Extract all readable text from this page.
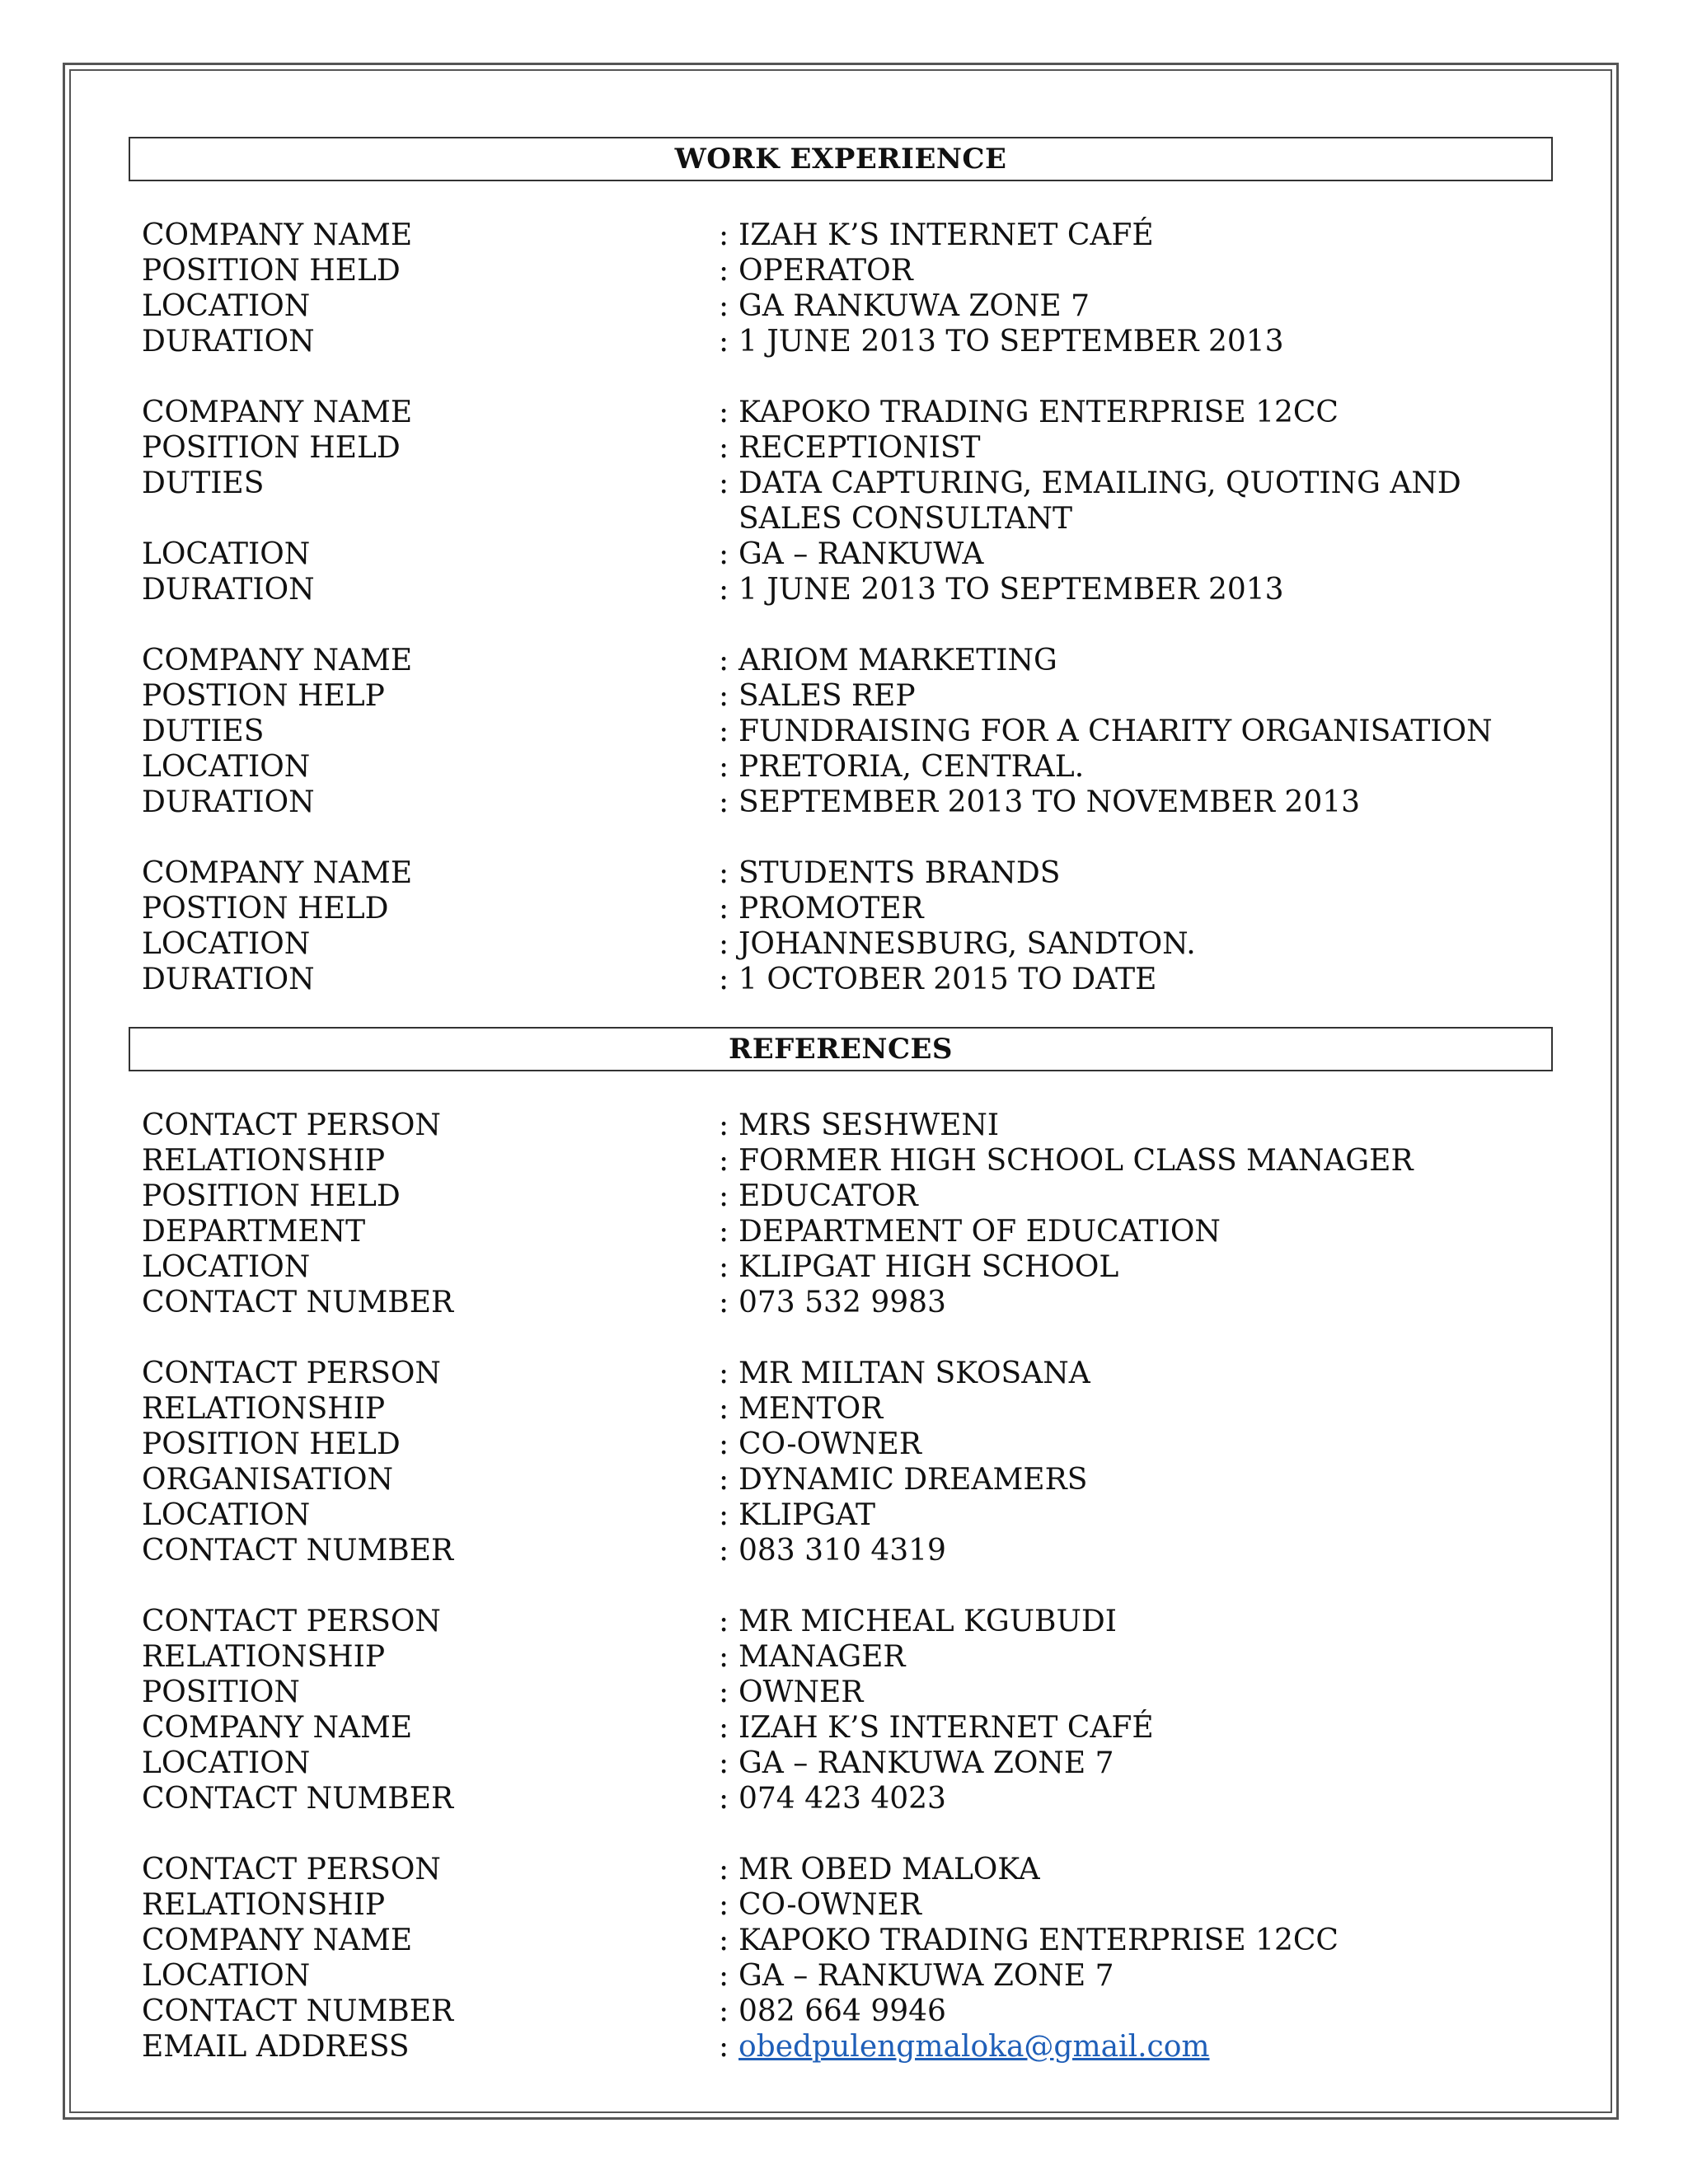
WORK EXPERIENCE
COMPANY NAME	: IZAH K’S INTERNET CAFÉ
POSITION HELD	: OPERATOR
LOCATION	: GA RANKUWA ZONE 7
DURATION	: 1 JUNE 2013 TO SEPTEMBER 2013
COMPANY NAME	: KAPOKO TRADING ENTERPRISE 12CC
POSITION HELD	: RECEPTIONIST
DUTIES	: DATA CAPTURING, EMAILING, QUOTING AND SALES CONSULTANT
LOCATION	: GA – RANKUWA
DURATION	: 1 JUNE 2013 TO SEPTEMBER 2013
COMPANY NAME	: ARIOM MARKETING
POSTION HELP	: SALES REP
DUTIES	: FUNDRAISING FOR A CHARITY ORGANISATION
LOCATION	: PRETORIA, CENTRAL.
DURATION	: SEPTEMBER 2013 TO NOVEMBER 2013
COMPANY NAME	: STUDENTS BRANDS
POSTION HELD	: PROMOTER
LOCATION	: JOHANNESBURG, SANDTON.
DURATION	: 1 OCTOBER 2015 TO DATE
REFERENCES
CONTACT PERSON	: MRS SESHWENI
RELATIONSHIP	: FORMER HIGH SCHOOL CLASS MANAGER
POSITION HELD	: EDUCATOR
DEPARTMENT	: DEPARTMENT OF EDUCATION
LOCATION	: KLIPGAT HIGH SCHOOL
CONTACT NUMBER	: 073 532 9983
CONTACT PERSON	: MR MILTAN SKOSANA
RELATIONSHIP	: MENTOR
POSITION HELD	: CO-OWNER
ORGANISATION	: DYNAMIC DREAMERS
LOCATION	: KLIPGAT
CONTACT NUMBER	: 083 310 4319
CONTACT PERSON	: MR MICHEAL KGUBUDI
RELATIONSHIP	: MANAGER
POSITION	: OWNER
COMPANY NAME	: IZAH K’S INTERNET CAFÉ
LOCATION	: GA – RANKUWA ZONE 7
CONTACT NUMBER	: 074 423 4023
CONTACT PERSON	: MR OBED MALOKA
RELATIONSHIP	: CO-OWNER
COMPANY NAME	: KAPOKO TRADING ENTERPRISE 12CC
LOCATION	: GA – RANKUWA ZONE 7
CONTACT NUMBER	: 082 664 9946
EMAIL ADDRESS	: obedpulengmaloka@gmail.com
